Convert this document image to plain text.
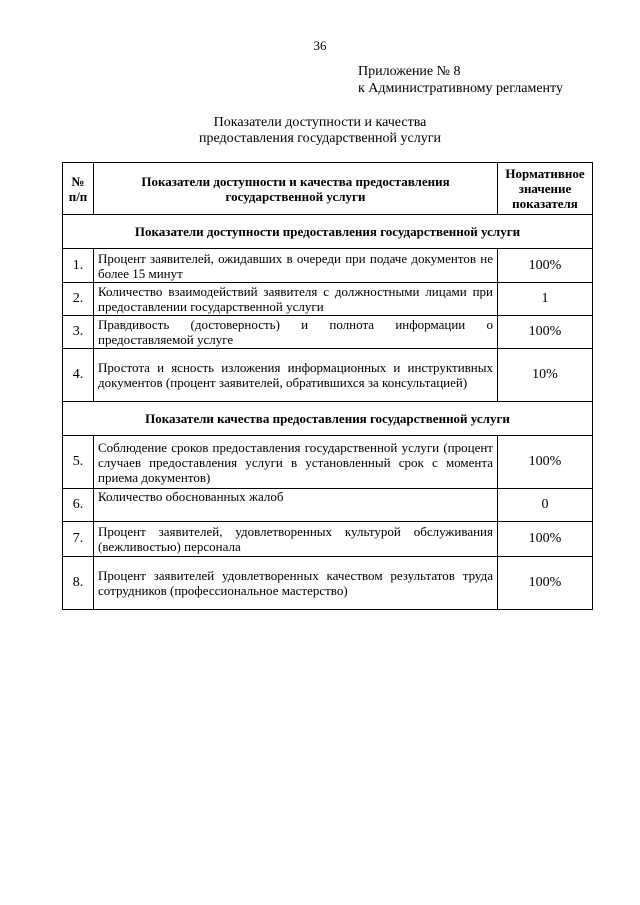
36
Приложение № 8
к Административному регламенту
Показатели доступности и качества
предоставления государственной услуги
№ п/п	Показатели доступности и качества предоставления государственной услуги	Нормативное значение показателя
Показатели доступности предоставления государственной услуги		
1.	Процент заявителей, ожидавших в очереди при подаче документов не более 15 минут	100%
2.	Количество взаимодействий заявителя с должностными лицами при предоставлении государственной услуги	1
3.	Правдивость (достоверность) и полнота информации о предоставляемой услуге	100%
4.	Простота и ясность изложения информационных и инструктивных документов (процент заявителей, обратившихся за консультацией)	10%
Показатели качества предоставления государственной услуги		
5.	Соблюдение сроков предоставления государственной услуги (процент случаев предоставления услуги в установленный срок с момента приема документов)	100%
6.	Количество обоснованных жалоб	0
7.	Процент заявителей, удовлетворенных культурой обслуживания (вежливостью) персонала	100%
8.	Процент заявителей удовлетворенных качеством результатов труда сотрудников (профессиональное мастерство)	100%
